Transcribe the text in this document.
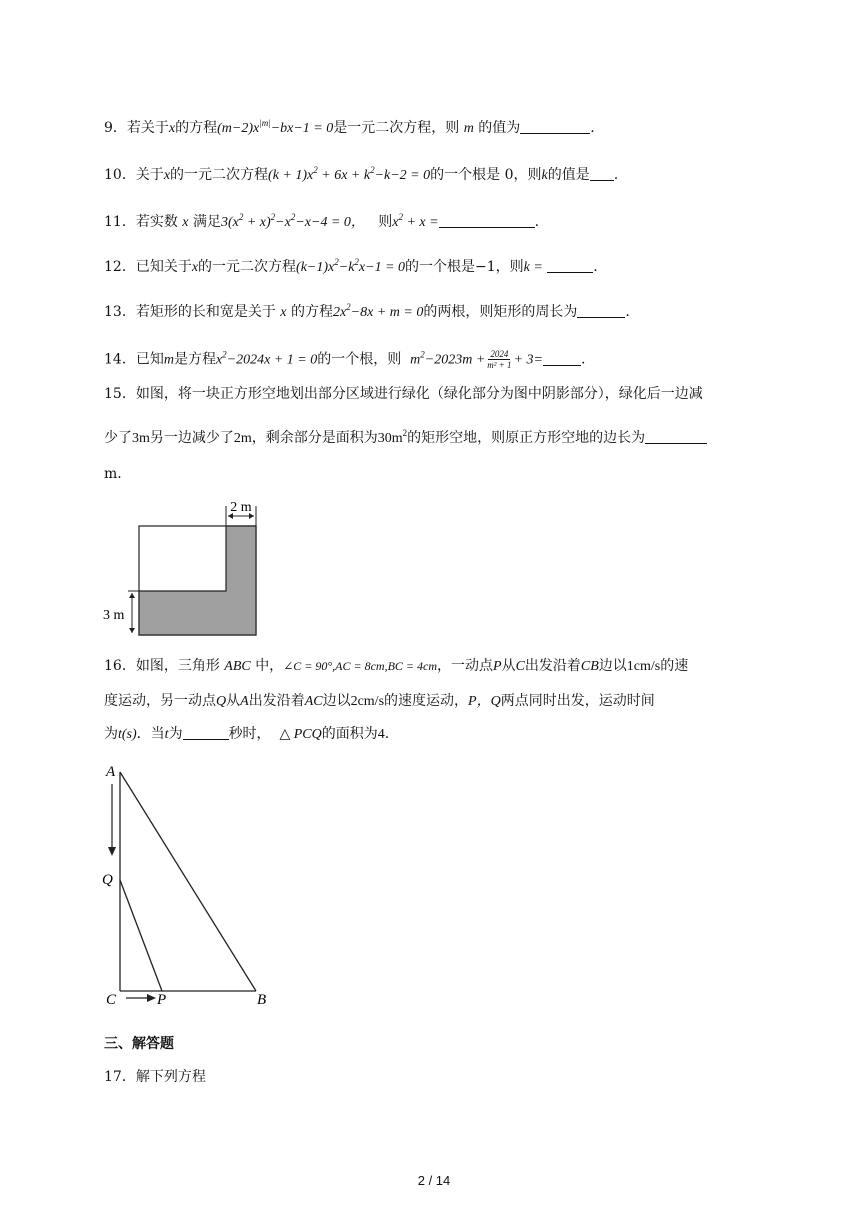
9．若关于x的方程$(m-2)x^{|m|}-bx-1 = 0$是一元二次方程，则 m 的值为	.
10．关于x的一元二次方程$(k + 1)x^2 + 6x + k^2-k-2 = 0$的一个根是 0，则k的值是 .
11．若实数 x 满足$3(x^2 + x)^2-x^2-x-4 = 0$， 则$x^2 + x$ =	.
12．已知关于x的一元二次方程$(k-1)x^2-k^2x-1 = 0$的一个根是−1，则k =	.
13．若矩形的长和宽是关于 x 的方程$2x^2-8x + m = 0$的两根，则矩形的周长为	.
14．已知m是方程$x^2-2024x + 1 = 0$的一个根，则 $m^2-2023m + \frac{2024}{\text{m² + 1}} + 3=$	.
15．如图，将一块正方形空地划出部分区域进行绿化（绿化部分为图中阴影部分），绿化后一边减
少了3m另一边减少了2m，剩余部分是面积为$30m^2$的矩形空地，则原正方形空地的边长为
m.
2 m
3 m
16．如图，三角形 ABC 中，∠C = 90°,AC = 8cm,BC = 4cm，一动点P从C出发沿着CB边以1cm/s的速
度运动，另一动点Q从A出发沿着AC边以2cm/s的速度运动，P，Q两点同时出发，运动时间
为t(s)．当t为	秒时， △ PCQ的面积为4.
A
Q
C	P	B
三、解答题
17．解下列方程
2 / 14
